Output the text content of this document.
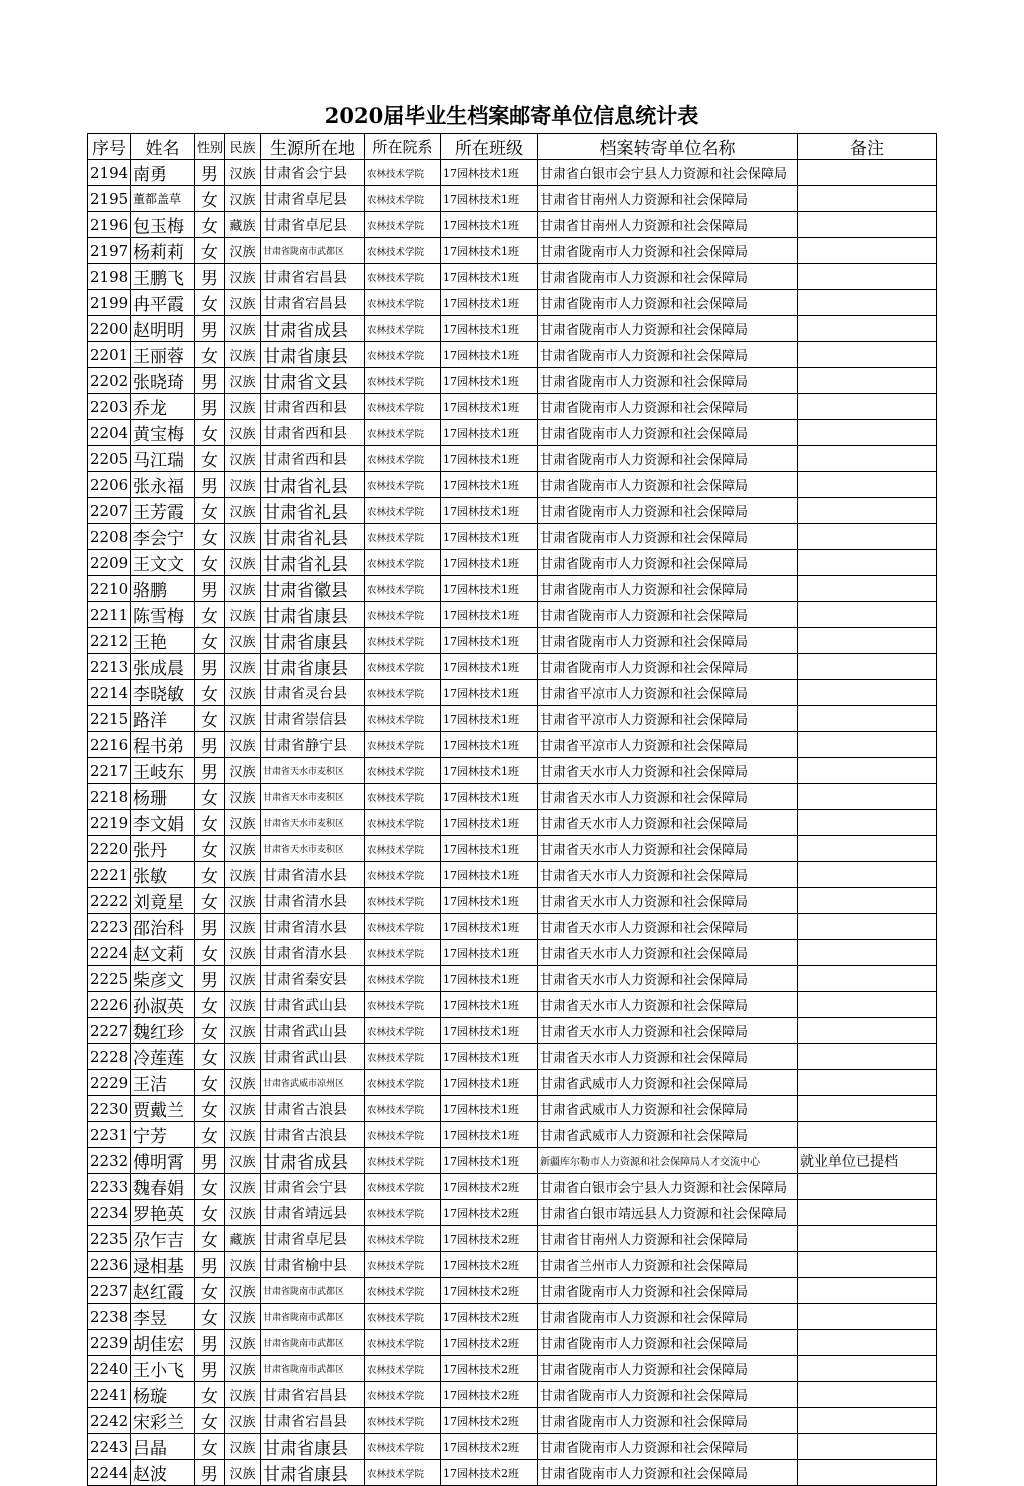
2020届毕业生档案邮寄单位信息统计表
序号	姓名	性别	民族	生源所在地	所在院系	所在班级	档案转寄单位名称	备注
2194	南勇	男	汉族	甘肃省会宁县	农林技术学院	17园林技术1班	甘肃省白银市会宁县人力资源和社会保障局	
2195	董都盖草	女	汉族	甘肃省卓尼县	农林技术学院	17园林技术1班	甘肃省甘南州人力资源和社会保障局	
2196	包玉梅	女	藏族	甘肃省卓尼县	农林技术学院	17园林技术1班	甘肃省甘南州人力资源和社会保障局	
2197	杨莉莉	女	汉族	甘肃省陇南市武都区	农林技术学院	17园林技术1班	甘肃省陇南市人力资源和社会保障局	
2198	王鹏飞	男	汉族	甘肃省宕昌县	农林技术学院	17园林技术1班	甘肃省陇南市人力资源和社会保障局	
2199	冉平霞	女	汉族	甘肃省宕昌县	农林技术学院	17园林技术1班	甘肃省陇南市人力资源和社会保障局	
2200	赵明明	男	汉族	甘肃省成县	农林技术学院	17园林技术1班	甘肃省陇南市人力资源和社会保障局	
2201	王丽蓉	女	汉族	甘肃省康县	农林技术学院	17园林技术1班	甘肃省陇南市人力资源和社会保障局	
2202	张晓琦	男	汉族	甘肃省文县	农林技术学院	17园林技术1班	甘肃省陇南市人力资源和社会保障局	
2203	乔龙	男	汉族	甘肃省西和县	农林技术学院	17园林技术1班	甘肃省陇南市人力资源和社会保障局	
2204	黄宝梅	女	汉族	甘肃省西和县	农林技术学院	17园林技术1班	甘肃省陇南市人力资源和社会保障局	
2205	马江瑞	女	汉族	甘肃省西和县	农林技术学院	17园林技术1班	甘肃省陇南市人力资源和社会保障局	
2206	张永福	男	汉族	甘肃省礼县	农林技术学院	17园林技术1班	甘肃省陇南市人力资源和社会保障局	
2207	王芳霞	女	汉族	甘肃省礼县	农林技术学院	17园林技术1班	甘肃省陇南市人力资源和社会保障局	
2208	李会宁	女	汉族	甘肃省礼县	农林技术学院	17园林技术1班	甘肃省陇南市人力资源和社会保障局	
2209	王文文	女	汉族	甘肃省礼县	农林技术学院	17园林技术1班	甘肃省陇南市人力资源和社会保障局	
2210	骆鹏	男	汉族	甘肃省徽县	农林技术学院	17园林技术1班	甘肃省陇南市人力资源和社会保障局	
2211	陈雪梅	女	汉族	甘肃省康县	农林技术学院	17园林技术1班	甘肃省陇南市人力资源和社会保障局	
2212	王艳	女	汉族	甘肃省康县	农林技术学院	17园林技术1班	甘肃省陇南市人力资源和社会保障局	
2213	张成晨	男	汉族	甘肃省康县	农林技术学院	17园林技术1班	甘肃省陇南市人力资源和社会保障局	
2214	李晓敏	女	汉族	甘肃省灵台县	农林技术学院	17园林技术1班	甘肃省平凉市人力资源和社会保障局	
2215	路洋	女	汉族	甘肃省崇信县	农林技术学院	17园林技术1班	甘肃省平凉市人力资源和社会保障局	
2216	程书弟	男	汉族	甘肃省静宁县	农林技术学院	17园林技术1班	甘肃省平凉市人力资源和社会保障局	
2217	王岐东	男	汉族	甘肃省天水市麦积区	农林技术学院	17园林技术1班	甘肃省天水市人力资源和社会保障局	
2218	杨珊	女	汉族	甘肃省天水市麦积区	农林技术学院	17园林技术1班	甘肃省天水市人力资源和社会保障局	
2219	李文娟	女	汉族	甘肃省天水市麦积区	农林技术学院	17园林技术1班	甘肃省天水市人力资源和社会保障局	
2220	张丹	女	汉族	甘肃省天水市麦积区	农林技术学院	17园林技术1班	甘肃省天水市人力资源和社会保障局	
2221	张敏	女	汉族	甘肃省清水县	农林技术学院	17园林技术1班	甘肃省天水市人力资源和社会保障局	
2222	刘竟星	女	汉族	甘肃省清水县	农林技术学院	17园林技术1班	甘肃省天水市人力资源和社会保障局	
2223	邵治科	男	汉族	甘肃省清水县	农林技术学院	17园林技术1班	甘肃省天水市人力资源和社会保障局	
2224	赵文莉	女	汉族	甘肃省清水县	农林技术学院	17园林技术1班	甘肃省天水市人力资源和社会保障局	
2225	柴彦文	男	汉族	甘肃省秦安县	农林技术学院	17园林技术1班	甘肃省天水市人力资源和社会保障局	
2226	孙淑英	女	汉族	甘肃省武山县	农林技术学院	17园林技术1班	甘肃省天水市人力资源和社会保障局	
2227	魏红珍	女	汉族	甘肃省武山县	农林技术学院	17园林技术1班	甘肃省天水市人力资源和社会保障局	
2228	冷莲莲	女	汉族	甘肃省武山县	农林技术学院	17园林技术1班	甘肃省天水市人力资源和社会保障局	
2229	王洁	女	汉族	甘肃省武威市凉州区	农林技术学院	17园林技术1班	甘肃省武威市人力资源和社会保障局	
2230	贾戴兰	女	汉族	甘肃省古浪县	农林技术学院	17园林技术1班	甘肃省武威市人力资源和社会保障局	
2231	宁芳	女	汉族	甘肃省古浪县	农林技术学院	17园林技术1班	甘肃省武威市人力资源和社会保障局	
2232	傅明霄	男	汉族	甘肃省成县	农林技术学院	17园林技术1班	新疆库尔勒市人力资源和社会保障局人才交流中心	就业单位已提档
2233	魏春娟	女	汉族	甘肃省会宁县	农林技术学院	17园林技术2班	甘肃省白银市会宁县人力资源和社会保障局	
2234	罗艳英	女	汉族	甘肃省靖远县	农林技术学院	17园林技术2班	甘肃省白银市靖远县人力资源和社会保障局	
2235	尕乍吉	女	藏族	甘肃省卓尼县	农林技术学院	17园林技术2班	甘肃省甘南州人力资源和社会保障局	
2236	逯相基	男	汉族	甘肃省榆中县	农林技术学院	17园林技术2班	甘肃省兰州市人力资源和社会保障局	
2237	赵红霞	女	汉族	甘肃省陇南市武都区	农林技术学院	17园林技术2班	甘肃省陇南市人力资源和社会保障局	
2238	李昱	女	汉族	甘肃省陇南市武都区	农林技术学院	17园林技术2班	甘肃省陇南市人力资源和社会保障局	
2239	胡佳宏	男	汉族	甘肃省陇南市武都区	农林技术学院	17园林技术2班	甘肃省陇南市人力资源和社会保障局	
2240	王小飞	男	汉族	甘肃省陇南市武都区	农林技术学院	17园林技术2班	甘肃省陇南市人力资源和社会保障局	
2241	杨璇	女	汉族	甘肃省宕昌县	农林技术学院	17园林技术2班	甘肃省陇南市人力资源和社会保障局	
2242	宋彩兰	女	汉族	甘肃省宕昌县	农林技术学院	17园林技术2班	甘肃省陇南市人力资源和社会保障局	
2243	吕晶	女	汉族	甘肃省康县	农林技术学院	17园林技术2班	甘肃省陇南市人力资源和社会保障局	
2244	赵波	男	汉族	甘肃省康县	农林技术学院	17园林技术2班	甘肃省陇南市人力资源和社会保障局	
